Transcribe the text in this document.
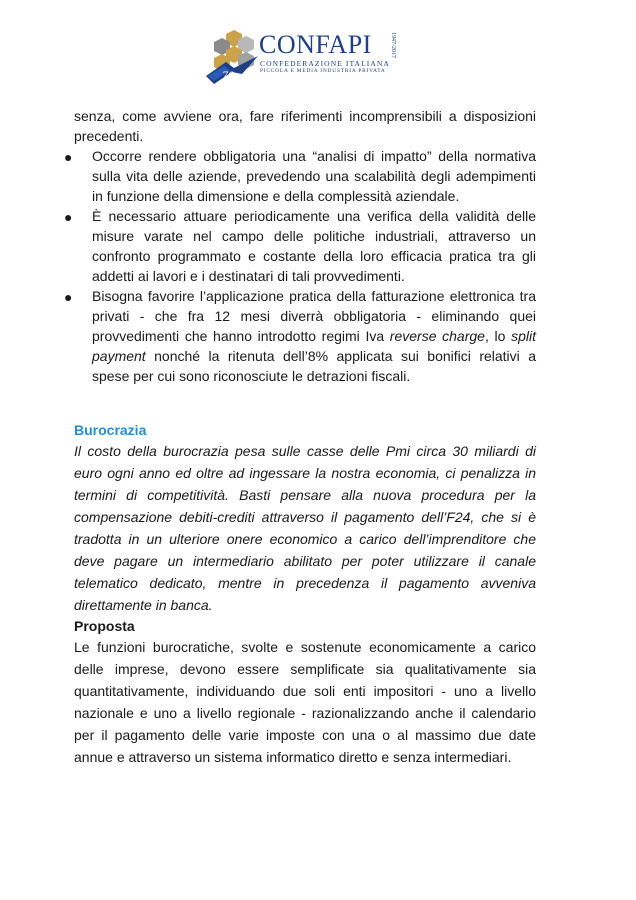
70
CONFAPI
CONFEDERAZIONE ITALIANA
PICCOLA E MEDIA INDUSTRIA PRIVATA
1947-2017

senza, come avviene ora, fare riferimenti incomprensibili a disposizioni precedenti.

● Occorre rendere obbligatoria una “analisi di impatto” della normativa sulla vita delle aziende, prevedendo una scalabilità degli adempimenti in funzione della dimensione e della complessità aziendale.
● È necessario attuare periodicamente una verifica della validità delle misure varate nel campo delle politiche industriali, attraverso un confronto programmato e costante della loro efficacia pratica tra gli addetti ai lavori e i destinatari di tali provvedimenti.
● Bisogna favorire l’applicazione pratica della fatturazione elettronica tra privati - che fra 12 mesi diverrà obbligatoria - eliminando quei provvedimenti che hanno introdotto regimi Iva reverse charge, lo split payment nonché la ritenuta dell’8% applicata sui bonifici relativi a spese per cui sono riconosciute le detrazioni fiscali.

Burocrazia

Il costo della burocrazia pesa sulle casse delle Pmi circa 30 miliardi di euro ogni anno ed oltre ad ingessare la nostra economia, ci penalizza in termini di competitività. Basti pensare alla nuova procedura per la compensazione debiti-crediti attraverso il pagamento dell’F24, che si è tradotta in un ulteriore onere economico a carico dell’imprenditore che deve pagare un intermediario abilitato per poter utilizzare il canale telematico dedicato, mentre in precedenza il pagamento avveniva direttamente in banca.

Proposta

Le funzioni burocratiche, svolte e sostenute economicamente a carico delle imprese, devono essere semplificate sia qualitativamente sia quantitativamente, individuando due soli enti impositori - uno a livello nazionale e uno a livello regionale - razionalizzando anche il calendario per il pagamento delle varie imposte con una o al massimo due date annue e attraverso un sistema informatico diretto e senza intermediari.
